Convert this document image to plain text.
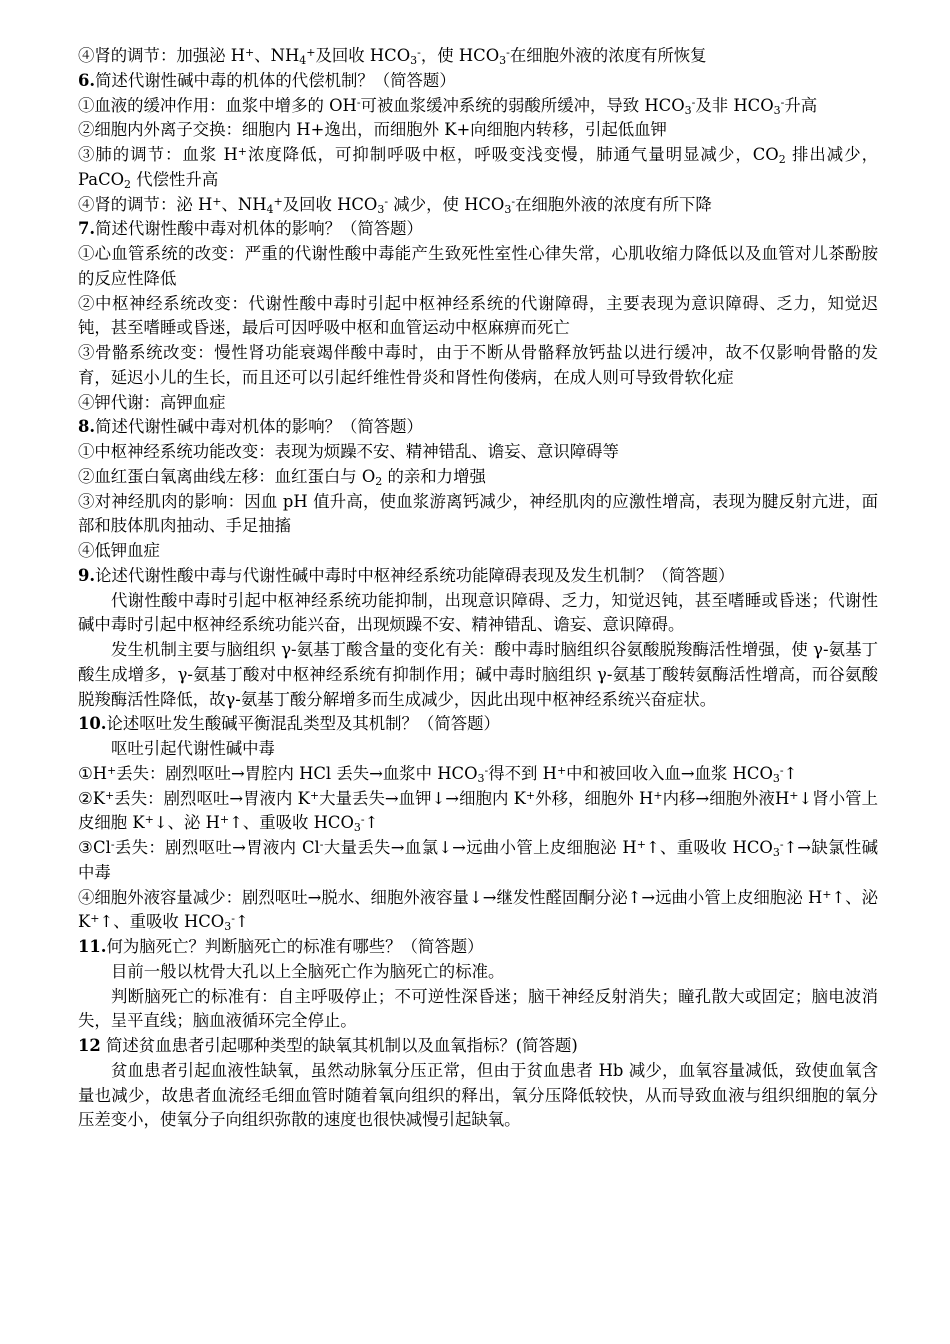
④肾的调节：加强泌 H+、$NH_4^+$及回收 $HCO_3^-$，使 $HCO_3^-$在细胞外液的浓度有所恢复
6.简述代谢性碱中毒的机体的代偿机制？（简答题）
①血液的缓冲作用：血浆中增多的 OH-可被血浆缓冲系统的弱酸所缓冲，导致 $HCO_3^-$及非 $HCO_3^-$升高
②细胞内外离子交换：细胞内 H+逸出，而细胞外 K+向细胞内转移，引起低血钾
③肺的调节：血浆 H+浓度降低，可抑制呼吸中枢，呼吸变浅变慢，肺通气量明显减少，$CO_2$ 排出减少，PaCO$_2$ 代偿性升高
④肾的调节：泌 H+、$NH_4^+$及回收 $HCO_3^-$ 减少，使 $HCO_3^-$在细胞外液的浓度有所下降
7.简述代谢性酸中毒对机体的影响？（简答题）
①心血管系统的改变：严重的代谢性酸中毒能产生致死性室性心律失常，心肌收缩力降低以及血管对儿茶酚胺的反应性降低
②中枢神经系统改变：代谢性酸中毒时引起中枢神经系统的代谢障碍，主要表现为意识障碍、乏力，知觉迟钝，甚至嗜睡或昏迷，最后可因呼吸中枢和血管运动中枢麻痹而死亡
③骨骼系统改变：慢性肾功能衰竭伴酸中毒时，由于不断从骨骼释放钙盐以进行缓冲，故不仅影响骨骼的发育，延迟小儿的生长，而且还可以引起纤维性骨炎和肾性佝偻病，在成人则可导致骨软化症
④钾代谢：高钾血症
8.简述代谢性碱中毒对机体的影响？（简答题）
①中枢神经系统功能改变：表现为烦躁不安、精神错乱、谵妄、意识障碍等
②血红蛋白氧离曲线左移：血红蛋白与 $O_2$ 的亲和力增强
③对神经肌肉的影响：因血 pH 值升高，使血浆游离钙减少，神经肌肉的应激性增高，表现为腱反射亢进，面部和肢体肌肉抽动、手足抽搐
④低钾血症
9.论述代谢性酸中毒与代谢性碱中毒时中枢神经系统功能障碍表现及发生机制？（简答题）
代谢性酸中毒时引起中枢神经系统功能抑制，出现意识障碍、乏力，知觉迟钝，甚至嗜睡或昏迷；代谢性碱中毒时引起中枢神经系统功能兴奋，出现烦躁不安、精神错乱、谵妄、意识障碍。
发生机制主要与脑组织 γ-氨基丁酸含量的变化有关：酸中毒时脑组织谷氨酸脱羧酶活性增强，使 γ-氨基丁酸生成增多，γ-氨基丁酸对中枢神经系统有抑制作用；碱中毒时脑组织 γ-氨基丁酸转氨酶活性增高，而谷氨酸脱羧酶活性降低，故γ-氨基丁酸分解增多而生成减少，因此出现中枢神经系统兴奋症状。
10.论述呕吐发生酸碱平衡混乱类型及其机制？（简答题）
呕吐引起代谢性碱中毒
①H+丢失：剧烈呕吐→胃腔内 HCl 丢失→血浆中 $HCO_3^-$得不到 H+中和被回收入血→血浆 $HCO_3^-↑$
②K+丢失：剧烈呕吐→胃液内 K+大量丢失→血钾↓→细胞内 K+外移，细胞外 H+内移→细胞外液H+↓肾小管上皮细胞 K+↓、泌 H+↑、重吸收 $HCO_3^-↑$
③Cl-丢失：剧烈呕吐→胃液内 Cl-大量丢失→血氯↓→远曲小管上皮细胞泌 H+↑、重吸收 $HCO_3^-↑\to$缺氯性碱中毒
④细胞外液容量减少：剧烈呕吐→脱水、细胞外液容量↓→继发性醛固酮分泌↑→远曲小管上皮细胞泌 H+↑、泌 K+↑、重吸收 $HCO_3^-↑$
11.何为脑死亡？判断脑死亡的标准有哪些？（简答题）
目前一般以枕骨大孔以上全脑死亡作为脑死亡的标准。
判断脑死亡的标准有：自主呼吸停止；不可逆性深昏迷；脑干神经反射消失；瞳孔散大或固定；脑电波消失，呈平直线；脑血液循环完全停止。
12 简述贫血患者引起哪种类型的缺氧其机制以及血氧指标？(简答题)
贫血患者引起血液性缺氧，虽然动脉氧分压正常，但由于贫血患者 Hb 减少，血氧容量减低，致使血氧含量也减少，故患者血流经毛细血管时随着氧向组织的释出，氧分压降低较快，从而导致血液与组织细胞的氧分压差变小，使氧分子向组织弥散的速度也很快减慢引起缺氧。
